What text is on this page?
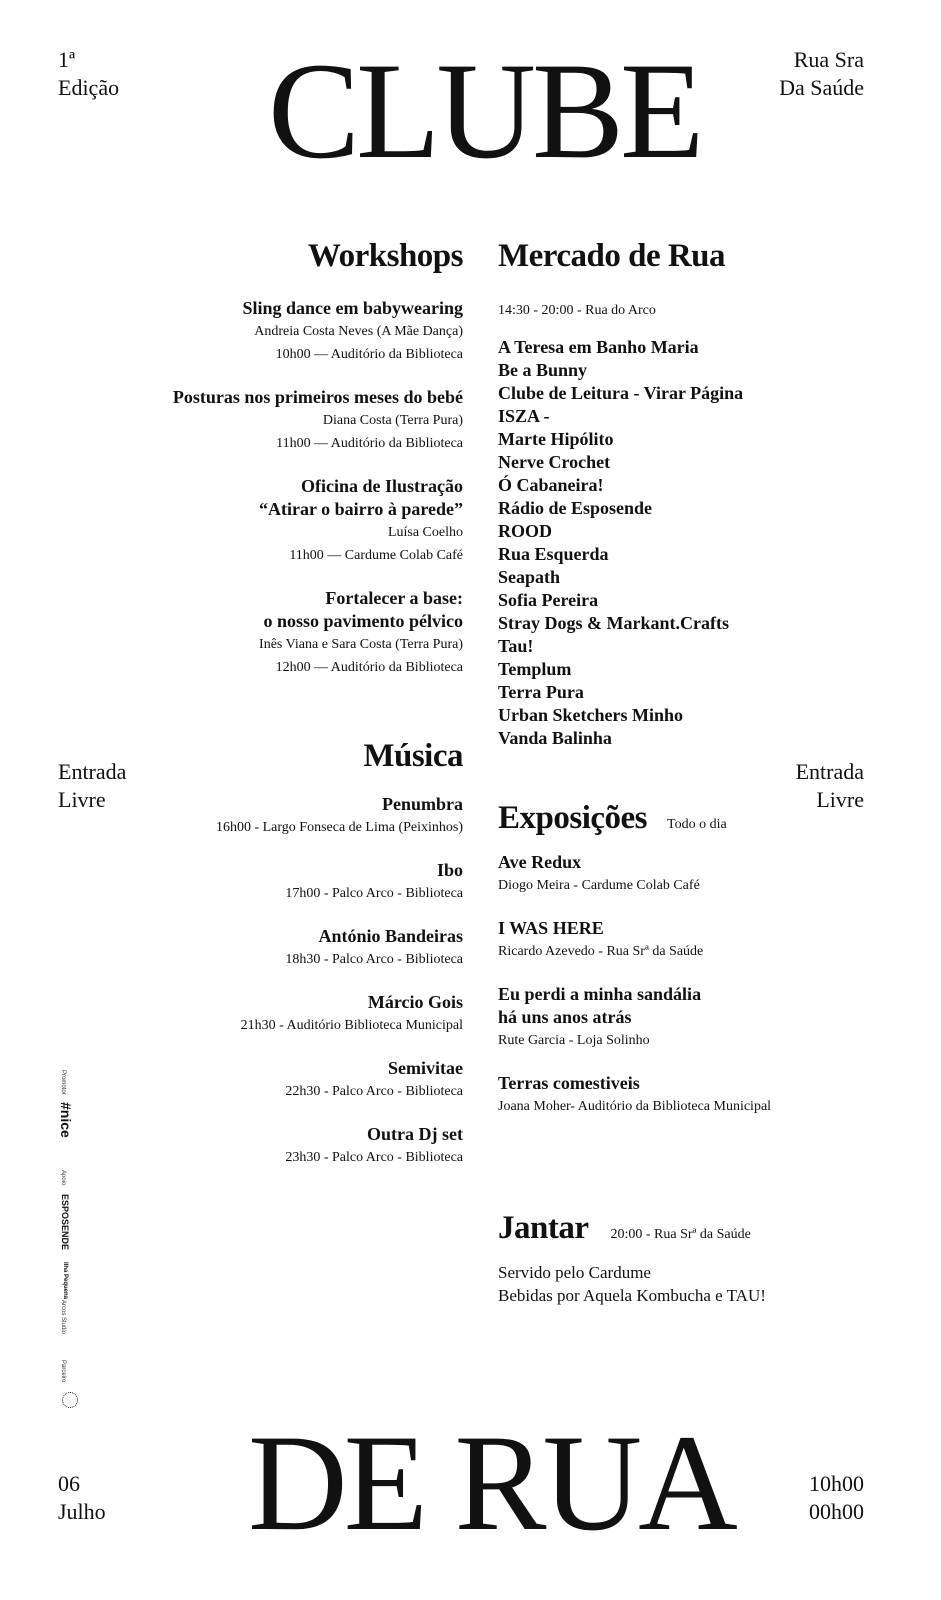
1ª
Edição
Rua Sra
Da Saúde
CLUBE
Entrada
Livre
Entrada
Livre
06
Julho
10h00
00h00
DE RUA
Workshops
Sling dance em babywearing
Andreia Costa Neves (A Mãe Dança)
10h00 — Auditório da Biblioteca
Posturas nos primeiros meses do bebé
Diana Costa (Terra Pura)
11h00 — Auditório da Biblioteca
Oficina de Ilustração
“Atirar o bairro à parede”
Luísa Coelho
11h00 — Cardume Colab Café
Fortalecer a base:
o nosso pavimento pélvico
Inês Viana e Sara Costa (Terra Pura)
12h00 — Auditório da Biblioteca
Música
Penumbra
16h00 - Largo Fonseca de Lima (Peixinhos)
Ibo
17h00 - Palco Arco - Biblioteca
António Bandeiras
18h30 - Palco Arco - Biblioteca
Márcio Gois
21h30 - Auditório Biblioteca Municipal
Semivitae
22h30 - Palco Arco - Biblioteca
Outra Dj set
23h30 - Palco Arco - Biblioteca
Mercado de Rua
14:30 - 20:00 - Rua do Arco
A Teresa em Banho Maria
Be a Bunny
Clube de Leitura - Virar Página
ISZA -
Marte Hipólito
Nerve Crochet
Ó Cabaneira!
Rádio de Esposende
ROOD
Rua Esquerda
Seapath
Sofia Pereira
Stray Dogs & Markant.Crafts
Tau!
Templum
Terra Pura
Urban Sketchers Minho
Vanda Balinha
Exposições Todo o dia
Ave Redux
Diogo Meira - Cardume Colab Café
I WAS HERE
Ricardo Azevedo - Rua Srª da Saúde
Eu perdi a minha sandália
há uns anos atrás
Rute Garcia - Loja Solinho
Terras comestiveis
Joana Moher- Auditório da Biblioteca Municipal
Jantar 20:00 - Rua Srª da Saúde
Servido pelo Cardume
Bebidas por Aquela Kombucha e TAU!
Promotor
#nice
Apoio
ESPOSENDE
Ilha Pequena
Arcos Studio
Parceiro
